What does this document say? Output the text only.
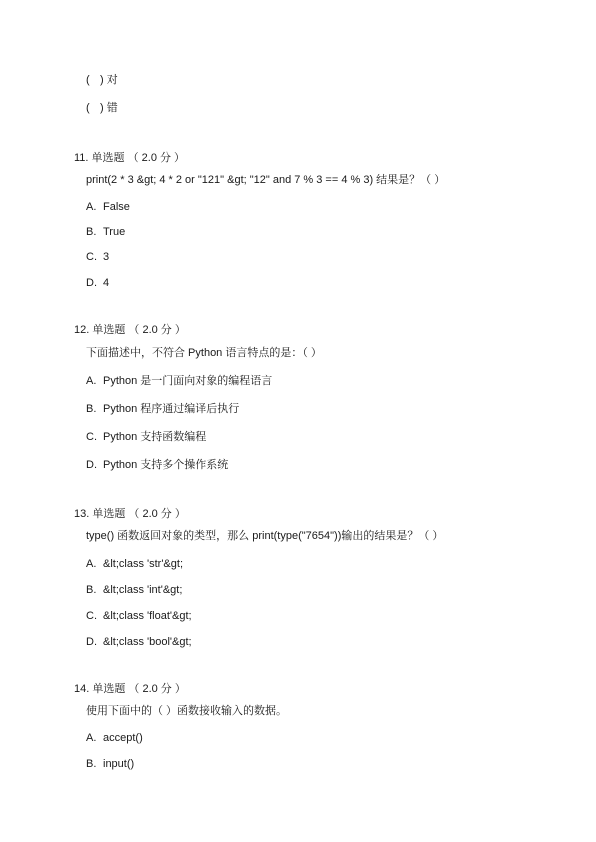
( ) 对
( ) 错
11. 单选题 （ 2.0 分 ）
print(2 * 3 &gt; 4 * 2 or "121" &gt; "12" and 7 % 3 == 4 % 3) 结果是？（ ）
A. False
B. True
C. 3
D. 4
12. 单选题 （ 2.0 分 ）
下面描述中，不符合 Python 语言特点的是：（ ）
A. Python 是一门面向对象的编程语言
B. Python 程序通过编译后执行
C. Python 支持函数编程
D. Python 支持多个操作系统
13. 单选题 （ 2.0 分 ）
type() 函数返回对象的类型，那么 print(type("7654"))输出的结果是？（ ）
A. &lt;class 'str'&gt;
B. &lt;class 'int'&gt;
C. &lt;class 'float'&gt;
D. &lt;class 'bool'&gt;
14. 单选题 （ 2.0 分 ）
使用下面中的（ ）函数接收输入的数据。
A. accept()
B. input()
